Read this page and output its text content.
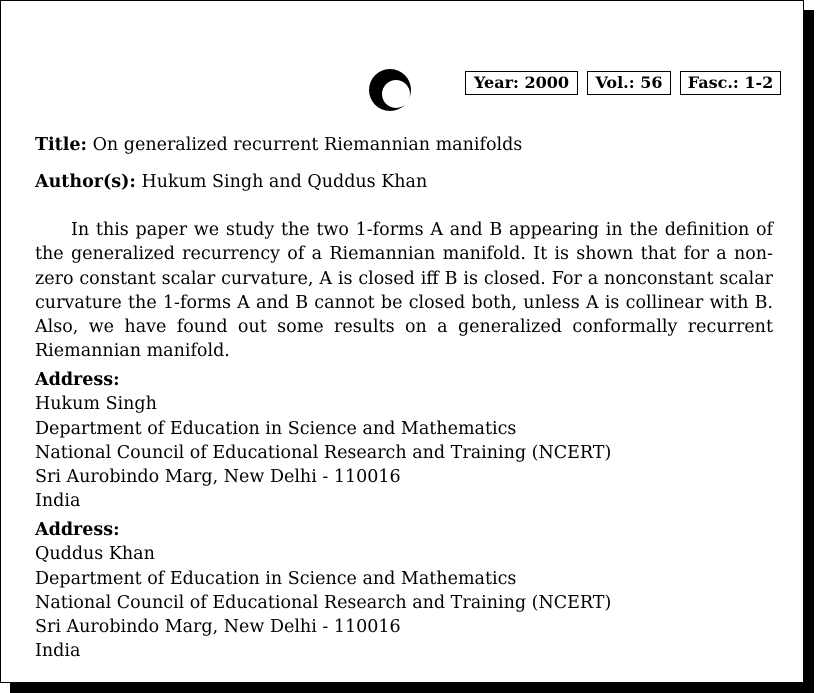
Year: 2000	Vol.: 56	Fasc.: 1-2
Title: On generalized recurrent Riemannian manifolds
Author(s): Hukum Singh and Quddus Khan
In this paper we study the two 1-forms A and B appearing in the definition of the generalized recurrency of a Riemannian manifold. It is shown that for a non-zero constant scalar curvature, A is closed iff B is closed. For a nonconstant scalar curvature the 1-forms A and B cannot be closed both, unless A is collinear with B. Also, we have found out some results on a generalized conformally recurrent Riemannian manifold.
Address:
Hukum Singh
Department of Education in Science and Mathematics
National Council of Educational Research and Training (NCERT)
Sri Aurobindo Marg, New Delhi - 110016
India
Address:
Quddus Khan
Department of Education in Science and Mathematics
National Council of Educational Research and Training (NCERT)
Sri Aurobindo Marg, New Delhi - 110016
India
